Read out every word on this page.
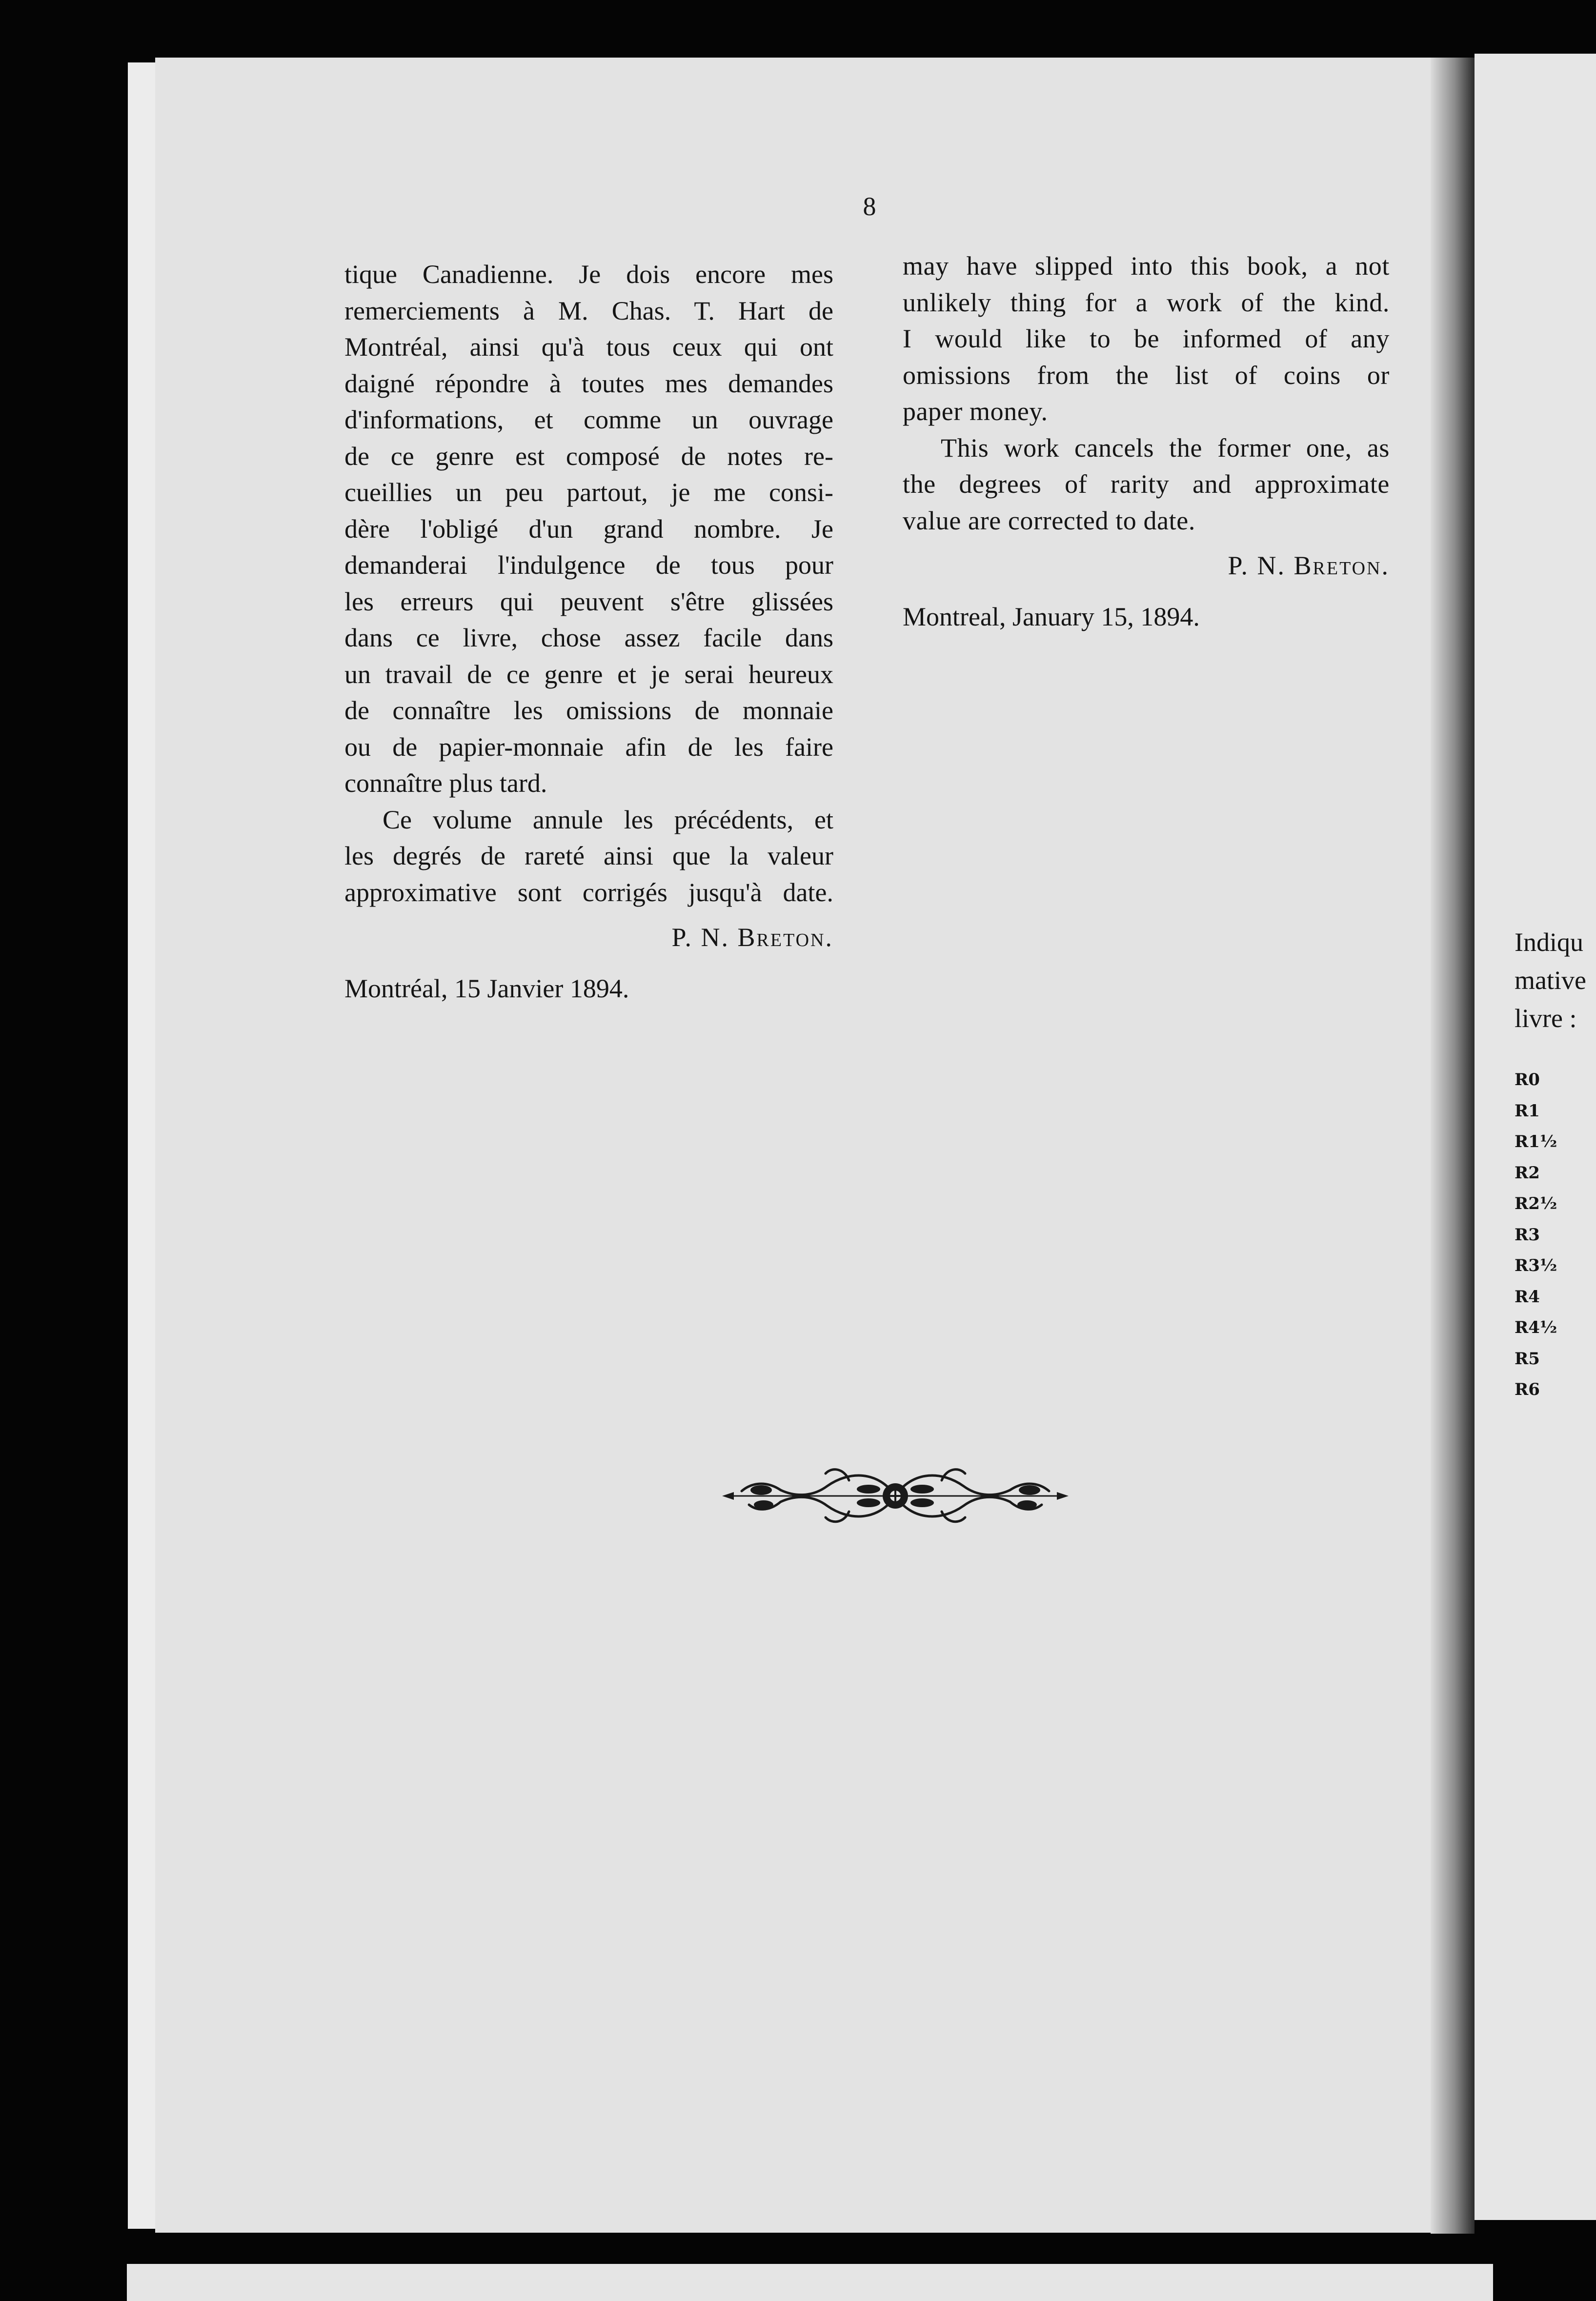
8
tique Canadienne. Je dois encore mes
remerciements à M. Chas. T. Hart de
Montréal, ainsi qu'à tous ceux qui ont
daigné répondre à toutes mes demandes
d'informations, et comme un ouvrage
de ce genre est composé de notes re-
cueillies un peu partout, je me consi-
dère l'obligé d'un grand nombre. Je
demanderai l'indulgence de tous pour
les erreurs qui peuvent s'être glissées
dans ce livre, chose assez facile dans
un travail de ce genre et je serai heureux
de connaître les omissions de monnaie
ou de papier-monnaie afin de les faire
connaître plus tard.
Ce volume annule les précédents, et
les degrés de rareté ainsi que la valeur
approximative sont corrigés jusqu'à date.
P. N. Breton.
Montréal, 15 Janvier 1894.
may have slipped into this book, a not
unlikely thing for a work of the kind.
I would like to be informed of any
omissions from the list of coins or
paper money.
This work cancels the former one, as
the degrees of rarity and approximate
value are corrected to date.
P. N. Breton.
Montreal, January 15, 1894.
Indiqu
mative
livre :
R0
R1
R1½
R2
R2½
R3
R3½
R4
R4½
R5
R6
